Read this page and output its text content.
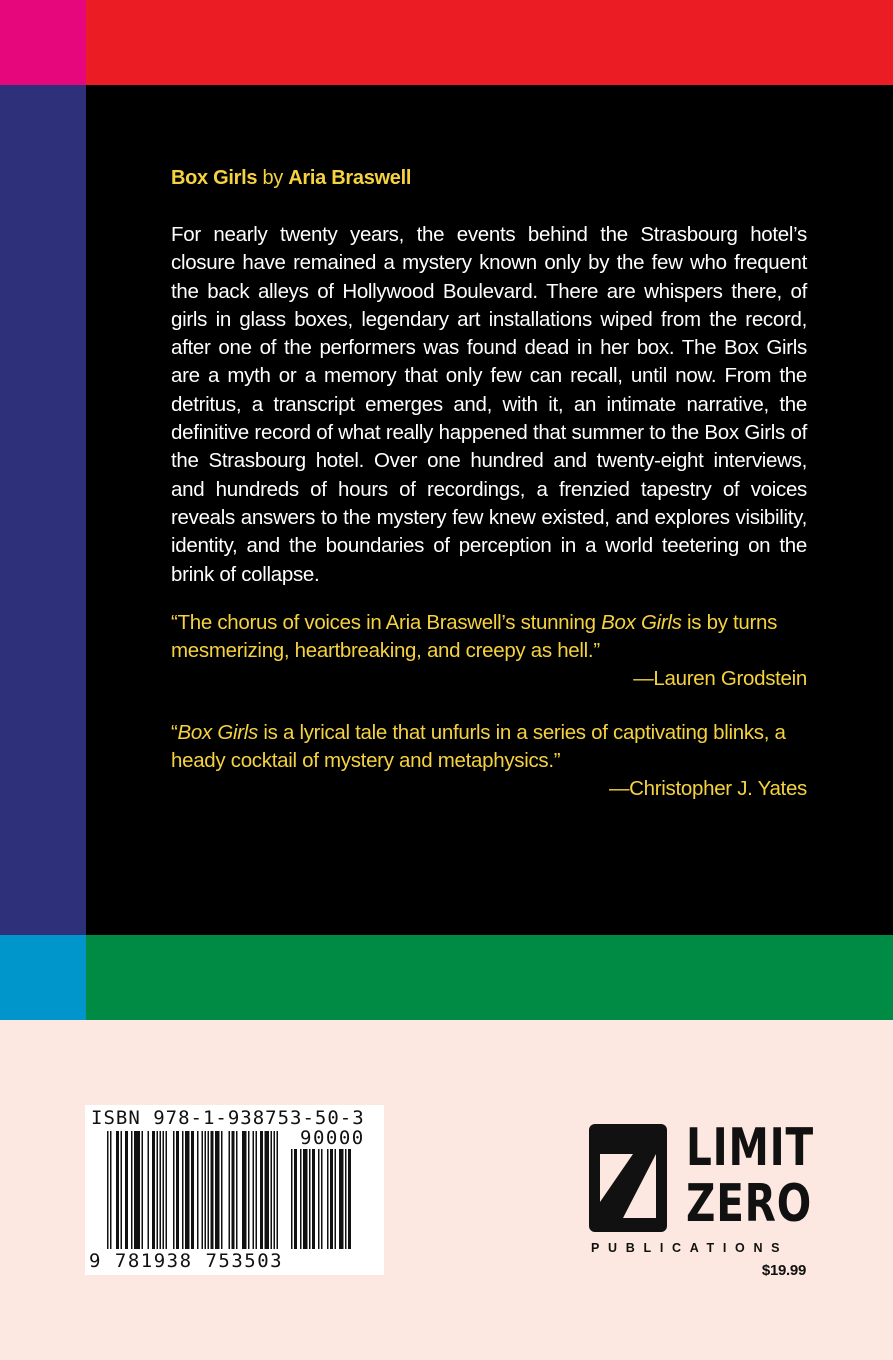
Box Girls by Aria Braswell

For nearly twenty years, the events behind the Strasbourg hotel’s closure have remained a mystery known only by the few who frequent the back alleys of Hollywood Boulevard. There are whispers there, of girls in glass boxes, legendary art installations wiped from the record, after one of the performers was found dead in her box. The Box Girls are a myth or a memory that only few can recall, until now. From the detritus, a transcript emerges and, with it, an intimate narrative, the definitive record of what really happened that summer to the Box Girls of the Strasbourg hotel. Over one hundred and twenty-eight interviews, and hundreds of hours of recordings, a frenzied tapestry of voices reveals answers to the mystery few knew existed, and explores visibility, identity, and the boundaries of perception in a world teetering on the brink of collapse.

“The chorus of voices in Aria Braswell’s stunning Box Girls is by turns mesmerizing, heartbreaking, and creepy as hell.”
—Lauren Grodstein

“Box Girls is a lyrical tale that unfurls in a series of captivating blinks, a heady cocktail of mystery and metaphysics.”
—Christopher J. Yates

ISBN 978-1-938753-50-3
90000
9 781938 753503
LIMIT
ZERO
PUBLICATIONS
$19.99
